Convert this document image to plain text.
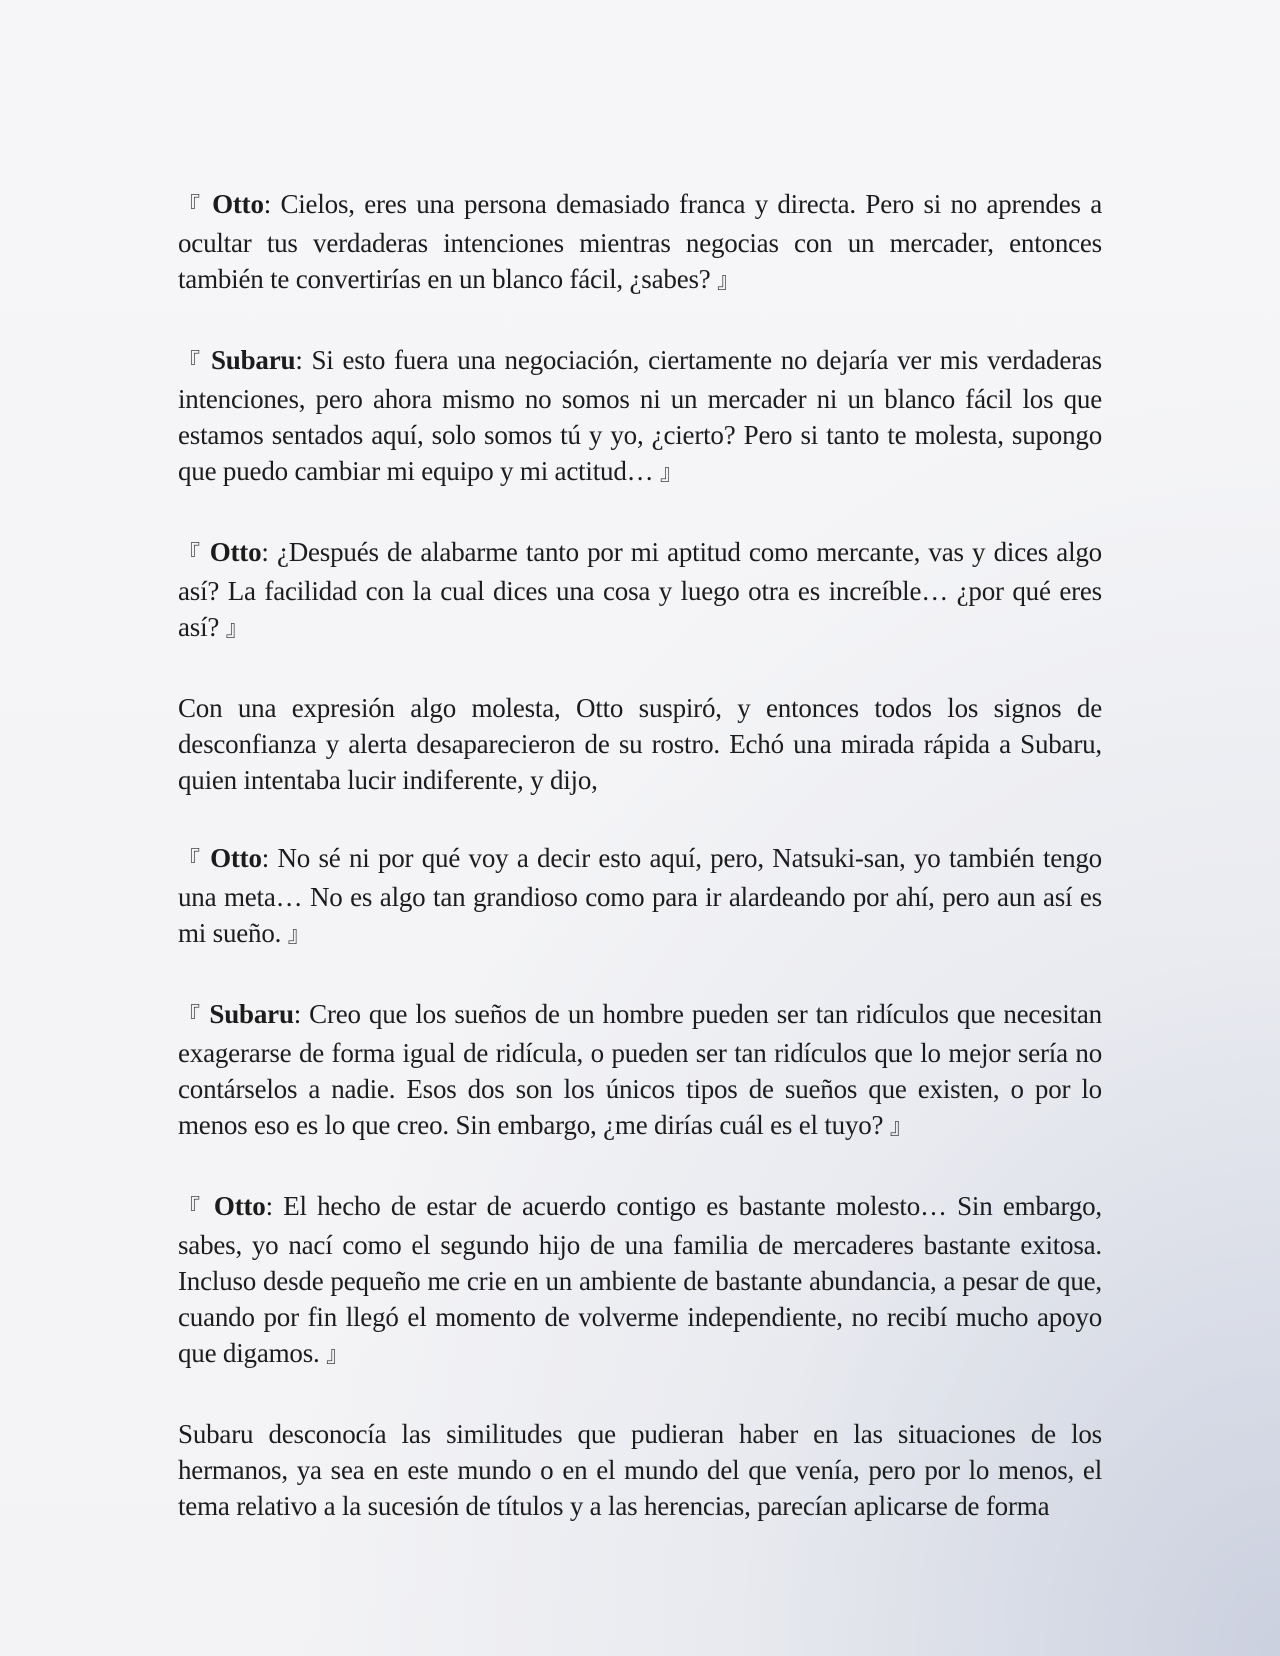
『 Otto: Cielos, eres una persona demasiado franca y directa. Pero si no aprendes a ocultar tus verdaderas intenciones mientras negocias con un mercader, entonces también te convertirías en un blanco fácil, ¿sabes? 』

『 Subaru: Si esto fuera una negociación, ciertamente no dejaría ver mis verdaderas intenciones, pero ahora mismo no somos ni un mercader ni un blanco fácil los que estamos sentados aquí, solo somos tú y yo, ¿cierto? Pero si tanto te molesta, supongo que puedo cambiar mi equipo y mi actitud… 』

『 Otto: ¿Después de alabarme tanto por mi aptitud como mercante, vas y dices algo así? La facilidad con la cual dices una cosa y luego otra es increíble… ¿por qué eres así? 』

Con una expresión algo molesta, Otto suspiró, y entonces todos los signos de desconfianza y alerta desaparecieron de su rostro. Echó una mirada rápida a Subaru, quien intentaba lucir indiferente, y dijo,

『 Otto: No sé ni por qué voy a decir esto aquí, pero, Natsuki-san, yo también tengo una meta… No es algo tan grandioso como para ir alardeando por ahí, pero aun así es mi sueño. 』

『 Subaru: Creo que los sueños de un hombre pueden ser tan ridículos que necesitan exagerarse de forma igual de ridícula, o pueden ser tan ridículos que lo mejor sería no contárselos a nadie. Esos dos son los únicos tipos de sueños que existen, o por lo menos eso es lo que creo. Sin embargo, ¿me dirías cuál es el tuyo? 』

『 Otto: El hecho de estar de acuerdo contigo es bastante molesto… Sin embargo, sabes, yo nací como el segundo hijo de una familia de mercaderes bastante exitosa. Incluso desde pequeño me crie en un ambiente de bastante abundancia, a pesar de que, cuando por fin llegó el momento de volverme independiente, no recibí mucho apoyo que digamos. 』

Subaru desconocía las similitudes que pudieran haber en las situaciones de los hermanos, ya sea en este mundo o en el mundo del que venía, pero por lo menos, el tema relativo a la sucesión de títulos y a las herencias, parecían aplicarse de forma
